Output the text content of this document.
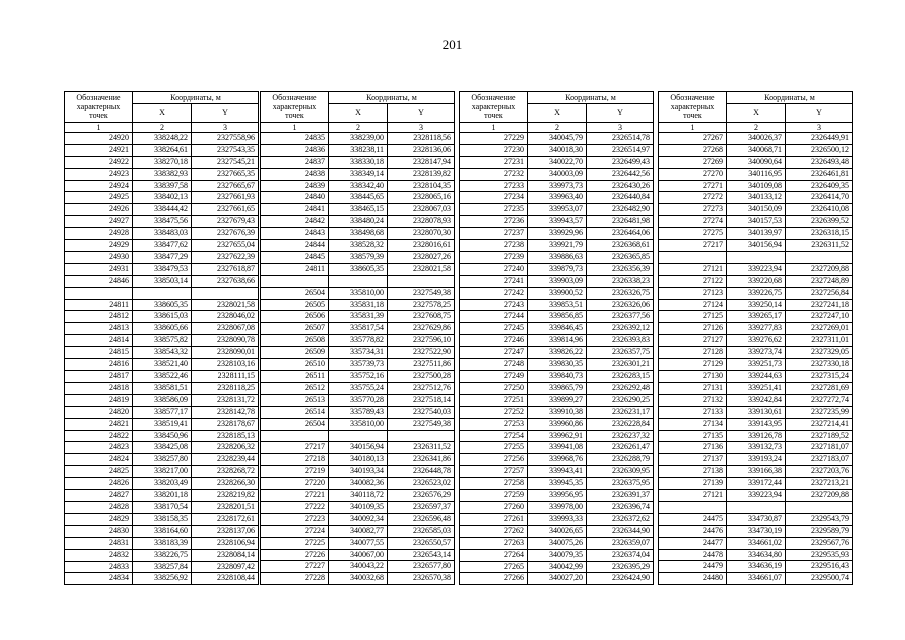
201
Обозначение характерных точек	Координаты, м	
	X	Y
1	2	3
24920	338248,22	2327558,96
24921	338264,61	2327543,35
24922	338270,18	2327545,21
24923	338382,93	2327665,35
24924	338397,58	2327665,67
24925	338402,13	2327661,93
24926	338444,42	2327661,65
24927	338475,56	2327679,43
24928	338483,03	2327676,39
24929	338477,62	2327655,04
24930	338477,29	2327622,39
24931	338479,53	2327618,87
24846	338503,14	2327638,66

24811	338605,35	2328021,58
24812	338615,03	2328046,02
24813	338605,66	2328067,08
24814	338575,82	2328090,78
24815	338543,32	2328090,01
24816	338521,40	2328103,16
24817	338522,46	2328111,15
24818	338581,51	2328118,25
24819	338586,09	2328131,72
24820	338577,17	2328142,78
24821	338519,41	2328178,67
24822	338450,96	2328185,13
24823	338425,08	2328206,32
24824	338257,80	2328239,44
24825	338217,00	2328268,72
24826	338203,49	2328266,30
24827	338201,18	2328219,82
24828	338170,54	2328201,51
24829	338158,35	2328172,61
24830	338164,60	2328137,06
24831	338183,39	2328106,94
24832	338226,75	2328084,14
24833	338257,84	2328097,42
24834	338256,92	2328108,44
Обозначение характерных точек	Координаты, м	
	X	Y
1	2	3
24835	338239,00	2328118,56
24836	338238,11	2328136,06
24837	338330,18	2328147,94
24838	338349,14	2328139,82
24839	338342,40	2328104,35
24840	338445,65	2328065,16
24841	338465,15	2328067,03
24842	338480,24	2328078,93
24843	338498,68	2328070,30
24844	338528,32	2328016,61
24845	338579,39	2328027,26
24811	338605,35	2328021,58

26504	335810,00	2327549,38
26505	335831,18	2327578,25
26506	335831,39	2327608,75
26507	335817,54	2327629,86
26508	335778,82	2327596,10
26509	335734,31	2327522,90
26510	335739,73	2327511,86
26511	335752,16	2327500,28
26512	335755,24	2327512,76
26513	335770,28	2327518,14
26514	335789,43	2327540,03
26504	335810,00	2327549,38

27217	340156,94	2326311,52
27218	340180,13	2326341,86
27219	340193,34	2326448,78
27220	340082,36	2326523,02
27221	340118,72	2326576,29
27222	340109,35	2326597,37
27223	340092,34	2326596,48
27224	340082,77	2326585,03
27225	340077,55	2326550,57
27226	340067,00	2326543,14
27227	340043,22	2326577,80
27228	340032,68	2326570,38
Обозначение характерных точек	Координаты, м	
	X	Y
1	2	3
27229	340045,79	2326514,78
27230	340018,30	2326514,97
27231	340022,70	2326499,43
27232	340003,09	2326442,56
27233	339973,73	2326430,26
27234	339963,40	2326440,84
27235	339953,07	2326482,90
27236	339943,57	2326481,98
27237	339929,96	2326464,06
27238	339921,79	2326368,61
27239	339886,63	2326365,85
27240	339879,73	2326356,39
27241	339903,09	2326338,23
27242	339900,52	2326326,75
27243	339853,51	2326326,06
27244	339856,85	2326377,56
27245	339846,45	2326392,12
27246	339814,96	2326393,83
27247	339826,22	2326357,75
27248	339830,35	2326301,21
27249	339840,73	2326283,15
27250	339865,79	2326292,48
27251	339899,27	2326290,25
27252	339910,38	2326231,17
27253	339960,86	2326228,84
27254	339962,91	2326237,32
27255	339941,08	2326261,47
27256	339968,76	2326288,79
27257	339943,41	2326309,95
27258	339945,35	2326375,95
27259	339956,95	2326391,37
27260	339978,00	2326396,74
27261	339993,33	2326372,62
27262	340026,65	2326344,90
27263	340075,26	2326359,07
27264	340079,35	2326374,04
27265	340042,99	2326395,29
27266	340027,20	2326424,90
Обозначение характерных точек	Координаты, м	
	X	Y
1	2	3
27267	340026,37	2326449,91
27268	340068,71	2326500,12
27269	340090,64	2326493,48
27270	340116,95	2326461,81
27271	340109,08	2326409,35
27272	340133,12	2326414,70
27273	340150,09	2326410,08
27274	340157,53	2326399,52
27275	340139,97	2326318,15
27217	340156,94	2326311,52

27121	339223,94	2327209,88
27122	339220,68	2327248,89
27123	339226,75	2327256,84
27124	339250,14	2327241,18
27125	339265,17	2327247,10
27126	339277,83	2327269,01
27127	339276,62	2327311,01
27128	339273,74	2327329,05
27129	339251,73	2327330,18
27130	339244,63	2327315,24
27131	339251,41	2327281,69
27132	339242,84	2327272,74
27133	339130,61	2327235,99
27134	339143,95	2327214,41
27135	339126,78	2327189,52
27136	339132,73	2327181,07
27137	339193,24	2327183,07
27138	339166,38	2327203,76
27139	339172,44	2327213,21
27121	339223,94	2327209,88

24475	334730,87	2329543,79
24476	334730,19	2329589,79
24477	334661,02	2329567,76
24478	334634,80	2329535,93
24479	334636,19	2329516,43
24480	334661,07	2329500,74
